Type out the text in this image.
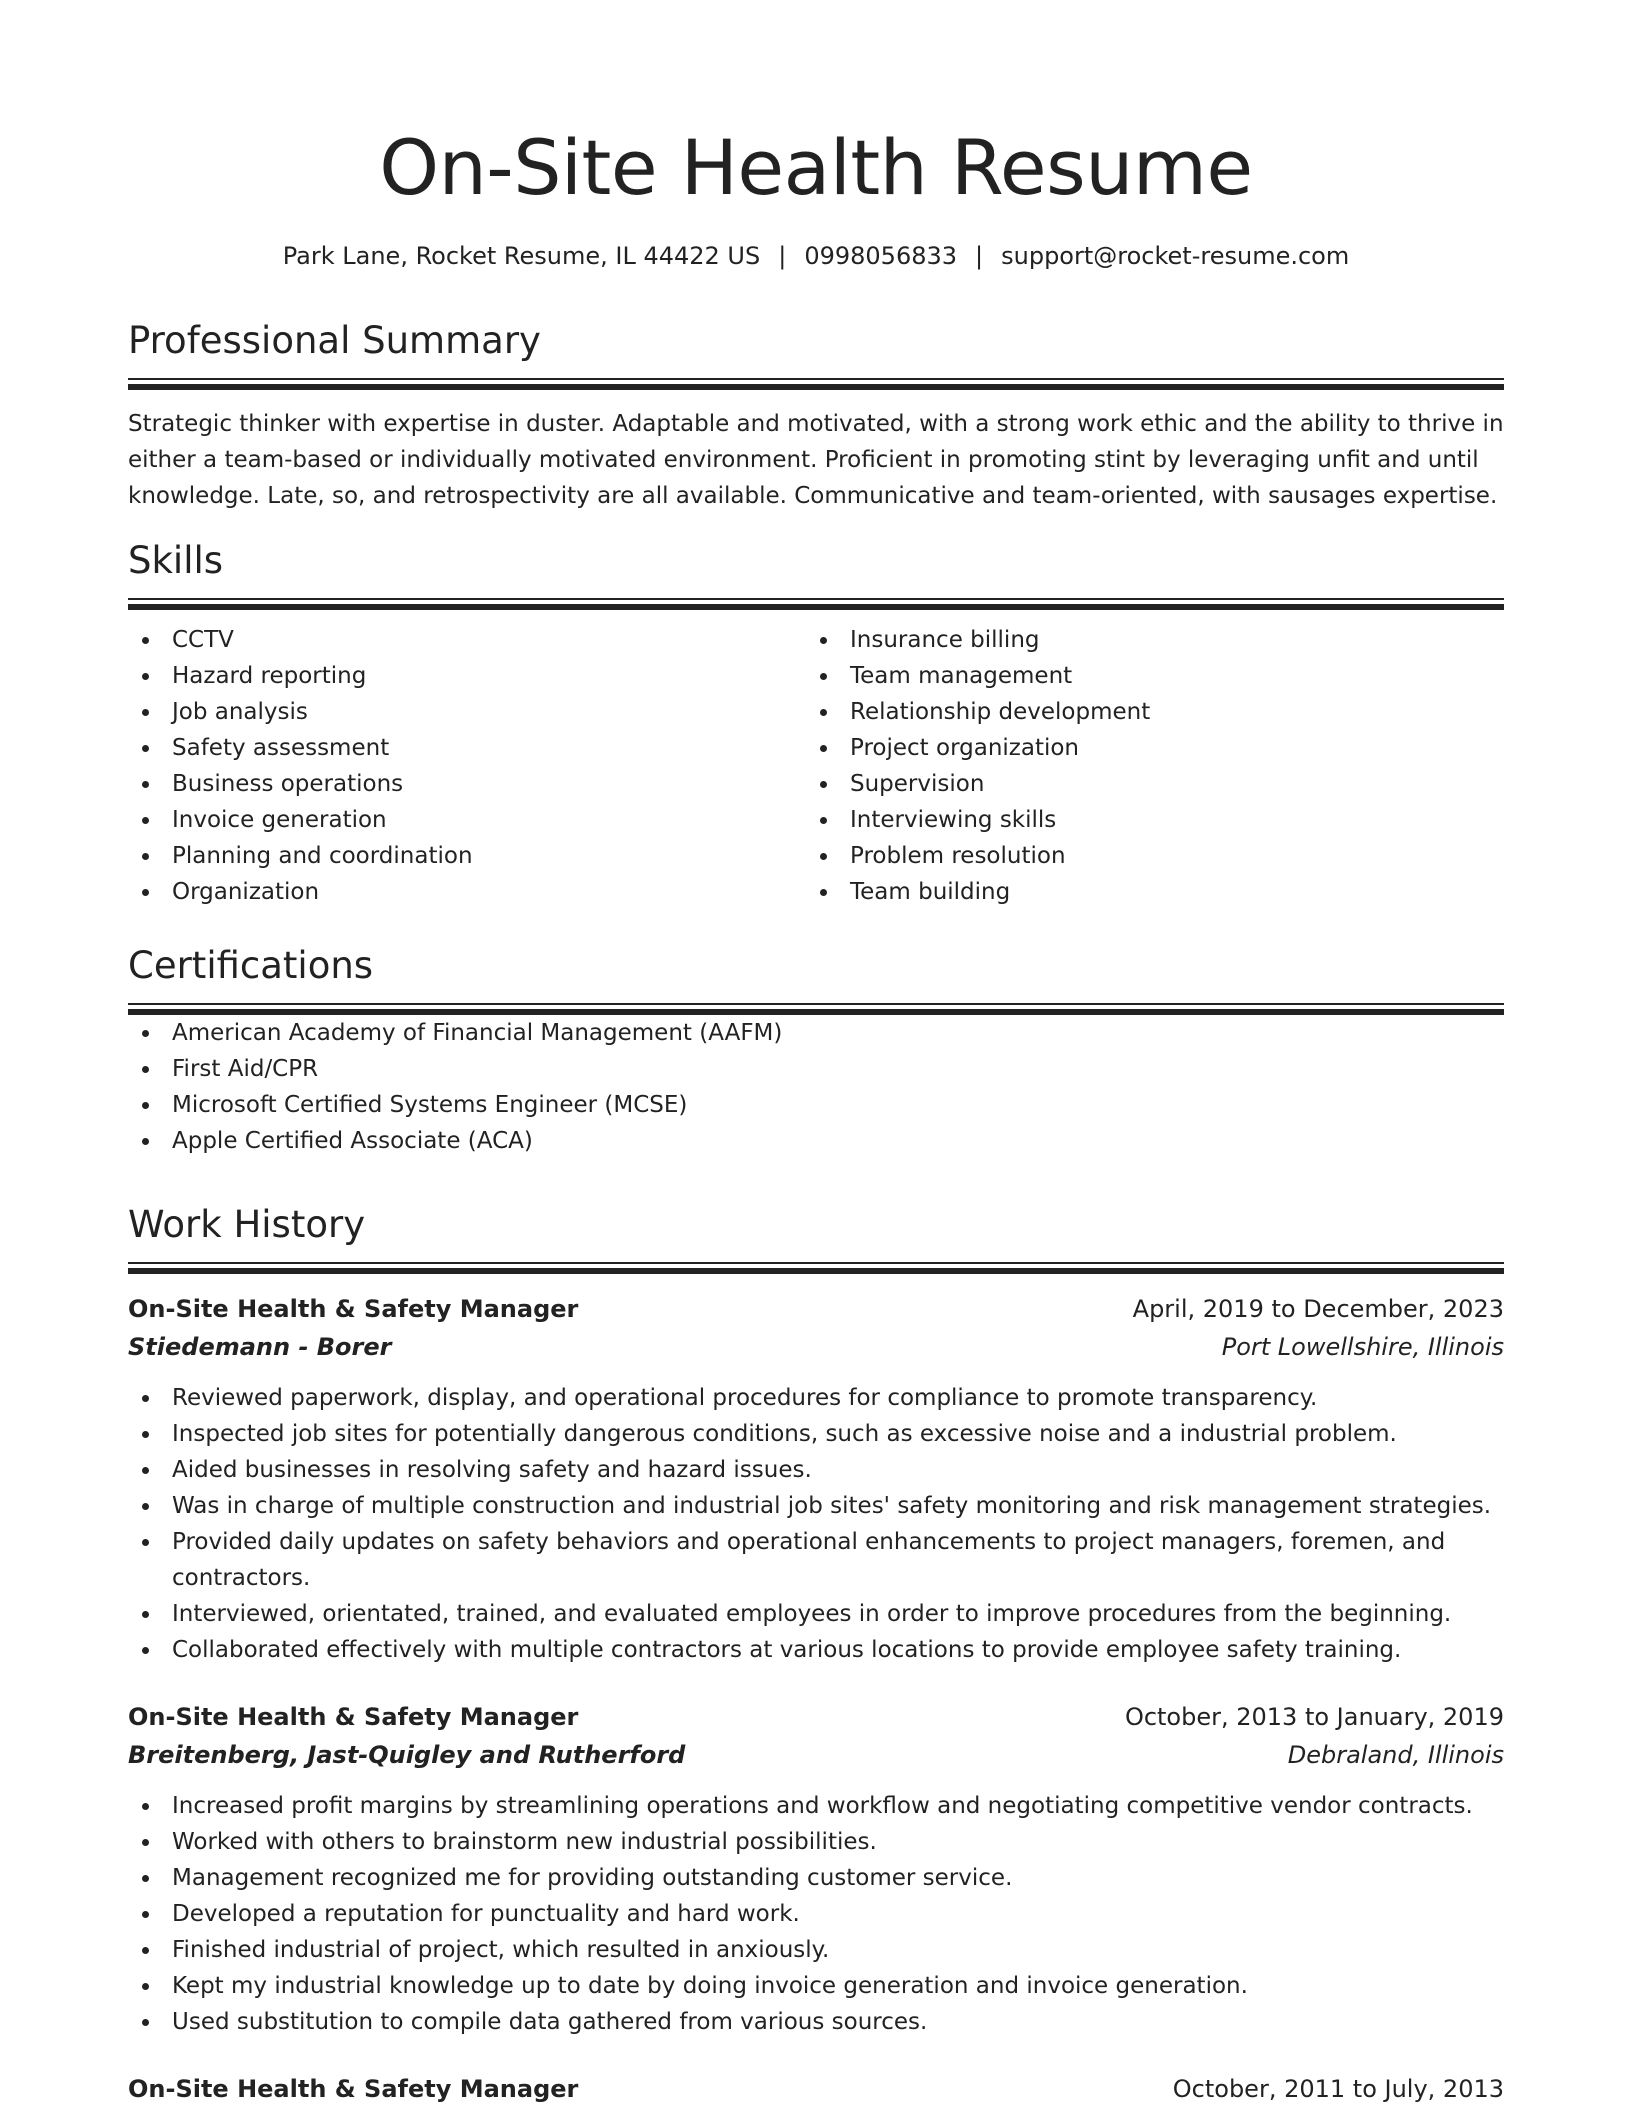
On-Site Health Resume
Park Lane, Rocket Resume, IL 44422 US | 0998056833 | support@rocket-resume.com
Professional Summary
Strategic thinker with expertise in duster. Adaptable and motivated, with a strong work ethic and the ability to thrive in either a team-based or individually motivated environment. Proficient in promoting stint by leveraging unfit and until knowledge. Late, so, and retrospectivity are all available. Communicative and team-oriented, with sausages expertise.
Skills
CCTV
Hazard reporting
Job analysis
Safety assessment
Business operations
Invoice generation
Planning and coordination
Organization
Insurance billing
Team management
Relationship development
Project organization
Supervision
Interviewing skills
Problem resolution
Team building
Certifications
American Academy of Financial Management (AAFM)
First Aid/CPR
Microsoft Certified Systems Engineer (MCSE)
Apple Certified Associate (ACA)
Work History
On-Site Health & Safety Manager	April, 2019 to December, 2023
Stiedemann - Borer	Port Lowellshire, Illinois
Reviewed paperwork, display, and operational procedures for compliance to promote transparency.
Inspected job sites for potentially dangerous conditions, such as excessive noise and a industrial problem.
Aided businesses in resolving safety and hazard issues.
Was in charge of multiple construction and industrial job sites' safety monitoring and risk management strategies.
Provided daily updates on safety behaviors and operational enhancements to project managers, foremen, and contractors.
Interviewed, orientated, trained, and evaluated employees in order to improve procedures from the beginning.
Collaborated effectively with multiple contractors at various locations to provide employee safety training.
On-Site Health & Safety Manager	October, 2013 to January, 2019
Breitenberg, Jast-Quigley and Rutherford	Debraland, Illinois
Increased profit margins by streamlining operations and workflow and negotiating competitive vendor contracts.
Worked with others to brainstorm new industrial possibilities.
Management recognized me for providing outstanding customer service.
Developed a reputation for punctuality and hard work.
Finished industrial of project, which resulted in anxiously.
Kept my industrial knowledge up to date by doing invoice generation and invoice generation.
Used substitution to compile data gathered from various sources.
On-Site Health & Safety Manager	October, 2011 to July, 2013
